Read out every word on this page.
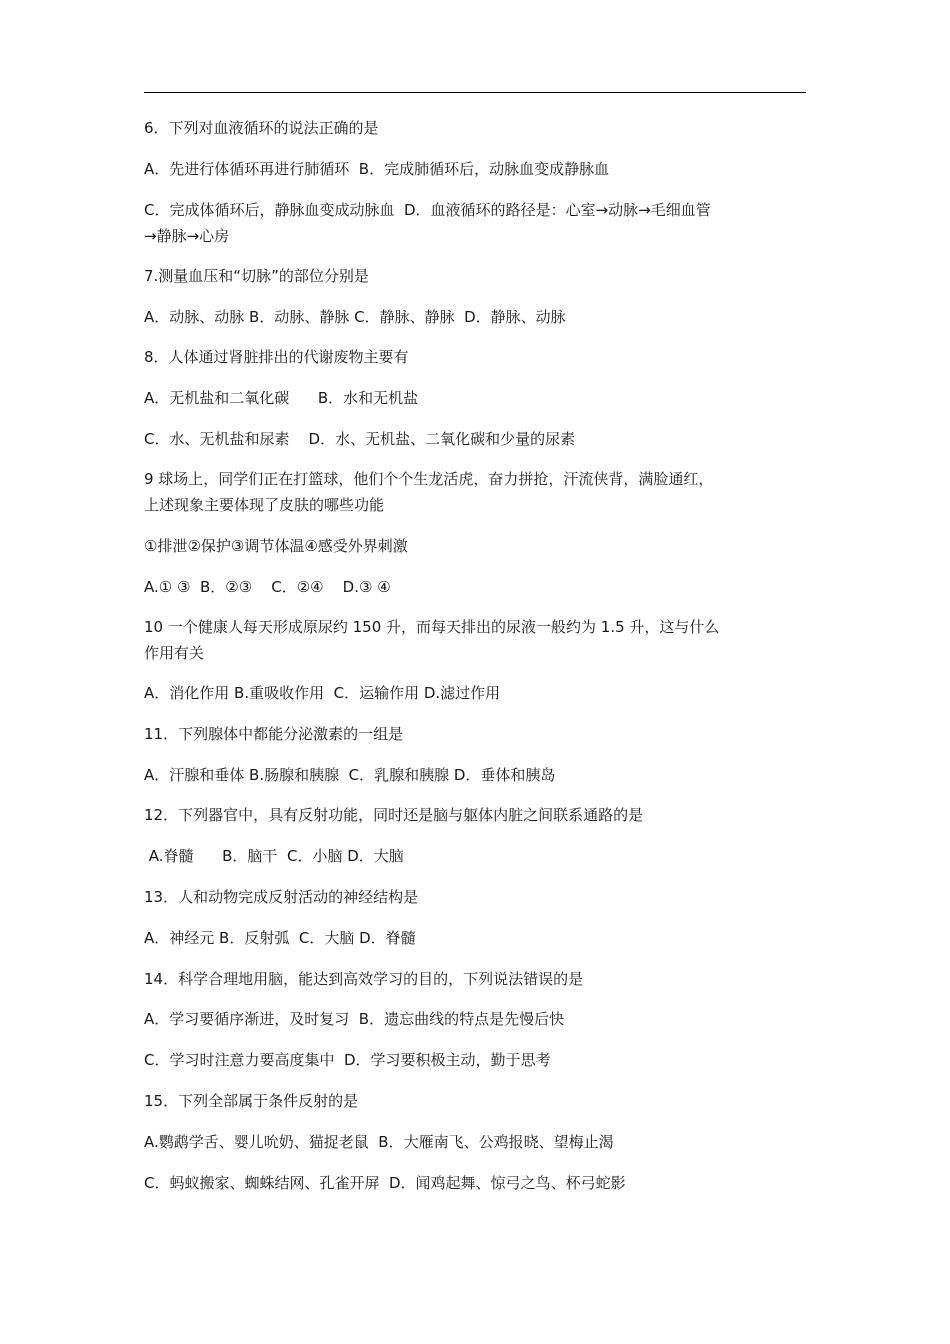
6．下列对血液循环的说法正确的是

A．先进行体循环再进行肺循环  B．完成肺循环后，动脉血变成静脉血

C．完成体循环后，静脉血变成动脉血  D．血液循环的路径是：心室→动脉→毛细血管

→静脉→心房

7.测量血压和“切脉”的部位分别是

A．动脉、动脉 B．动脉、静脉 C．静脉、静脉  D．静脉、动脉

8．人体通过肾脏排出的代谢废物主要有

A．无机盐和二氧化碳      B．水和无机盐

C．水、无机盐和尿素    D．水、无机盐、二氧化碳和少量的尿素

9 球场上，同学们正在打篮球，他们个个生龙活虎，奋力拼抢，汗流侠背，满脸通红，

上述现象主要体现了皮肤的哪些功能

①排泄②保护③调节体温④感受外界刺激

A.① ③  B．②③    C．②④    D.③ ④

10 一个健康人每天形成原尿约 150 升，而每天排出的尿液一般约为 1.5 升，这与什么

作用有关

A．消化作用 B.重吸收作用  C．运输作用 D.滤过作用

11．下列腺体中都能分泌激素的一组是

A．汗腺和垂体 B.肠腺和胰腺  C．乳腺和胰腺 D．垂体和胰岛

12．下列器官中，具有反射功能，同时还是脑与躯体内脏之间联系通路的是

A.脊髓      B．脑干  C．小脑 D．大脑

13．人和动物完成反射活动的神经结构是

A．神经元 B．反射弧  C．大脑 D．脊髓

14．科学合理地用脑，能达到高效学习的目的，下列说法错误的是

A．学习要循序渐进，及时复习  B．遗忘曲线的特点是先慢后快

C．学习时注意力要高度集中  D．学习要积极主动，勤于思考

15．下列全部属于条件反射的是

A.鹦鹉学舌、婴儿吮奶、猫捉老鼠  B．大雁南飞、公鸡报晓、望梅止渴

C．蚂蚁搬家、蜘蛛结网、孔雀开屏  D．闻鸡起舞、惊弓之鸟、杯弓蛇影
